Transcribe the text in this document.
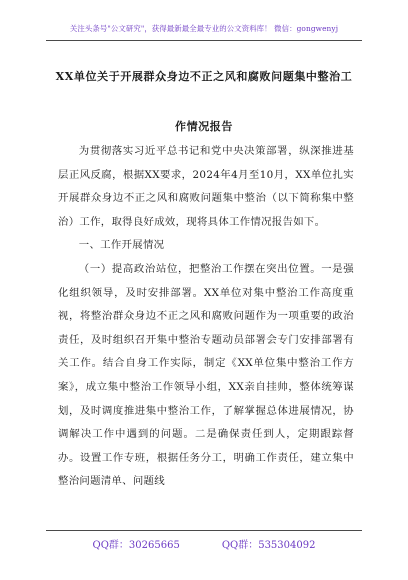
关注头条号"公文研究"，获得最新最全最专业的公文资料库！ 微信：gongwenyj
XX单位关于开展群众身边不正之风和腐败问题集中整治工
作情况报告

为贯彻落实习近平总书记和党中央决策部署，纵深推进基层正风反腐，根据XX要求，2024年4月至10月，XX单位扎实开展群众身边不正之风和腐败问题集中整治（以下简称集中整治）工作，取得良好成效，现将具体工作情况报告如下。

一、工作开展情况

（一）提高政治站位，把整治工作摆在突出位置。一是强化组织领导，及时安排部署。XX单位对集中整治工作高度重视，将整治群众身边不正之风和腐败问题作为一项重要的政治责任，及时组织召开集中整治专题动员部署会专门安排部署有关工作。结合自身工作实际，制定《XX单位集中整治工作方案》，成立集中整治工作领导小组，XX亲自挂帅，整体统筹谋划，及时调度推进集中整治工作，了解掌握总体进展情况，协调解决工作中遇到的问题。二是确保责任到人，定期跟踪督办。设置工作专班，根据任务分工，明确工作责任，建立集中整治问题清单、问题线

QQ群：30265665	QQ群：535304092
